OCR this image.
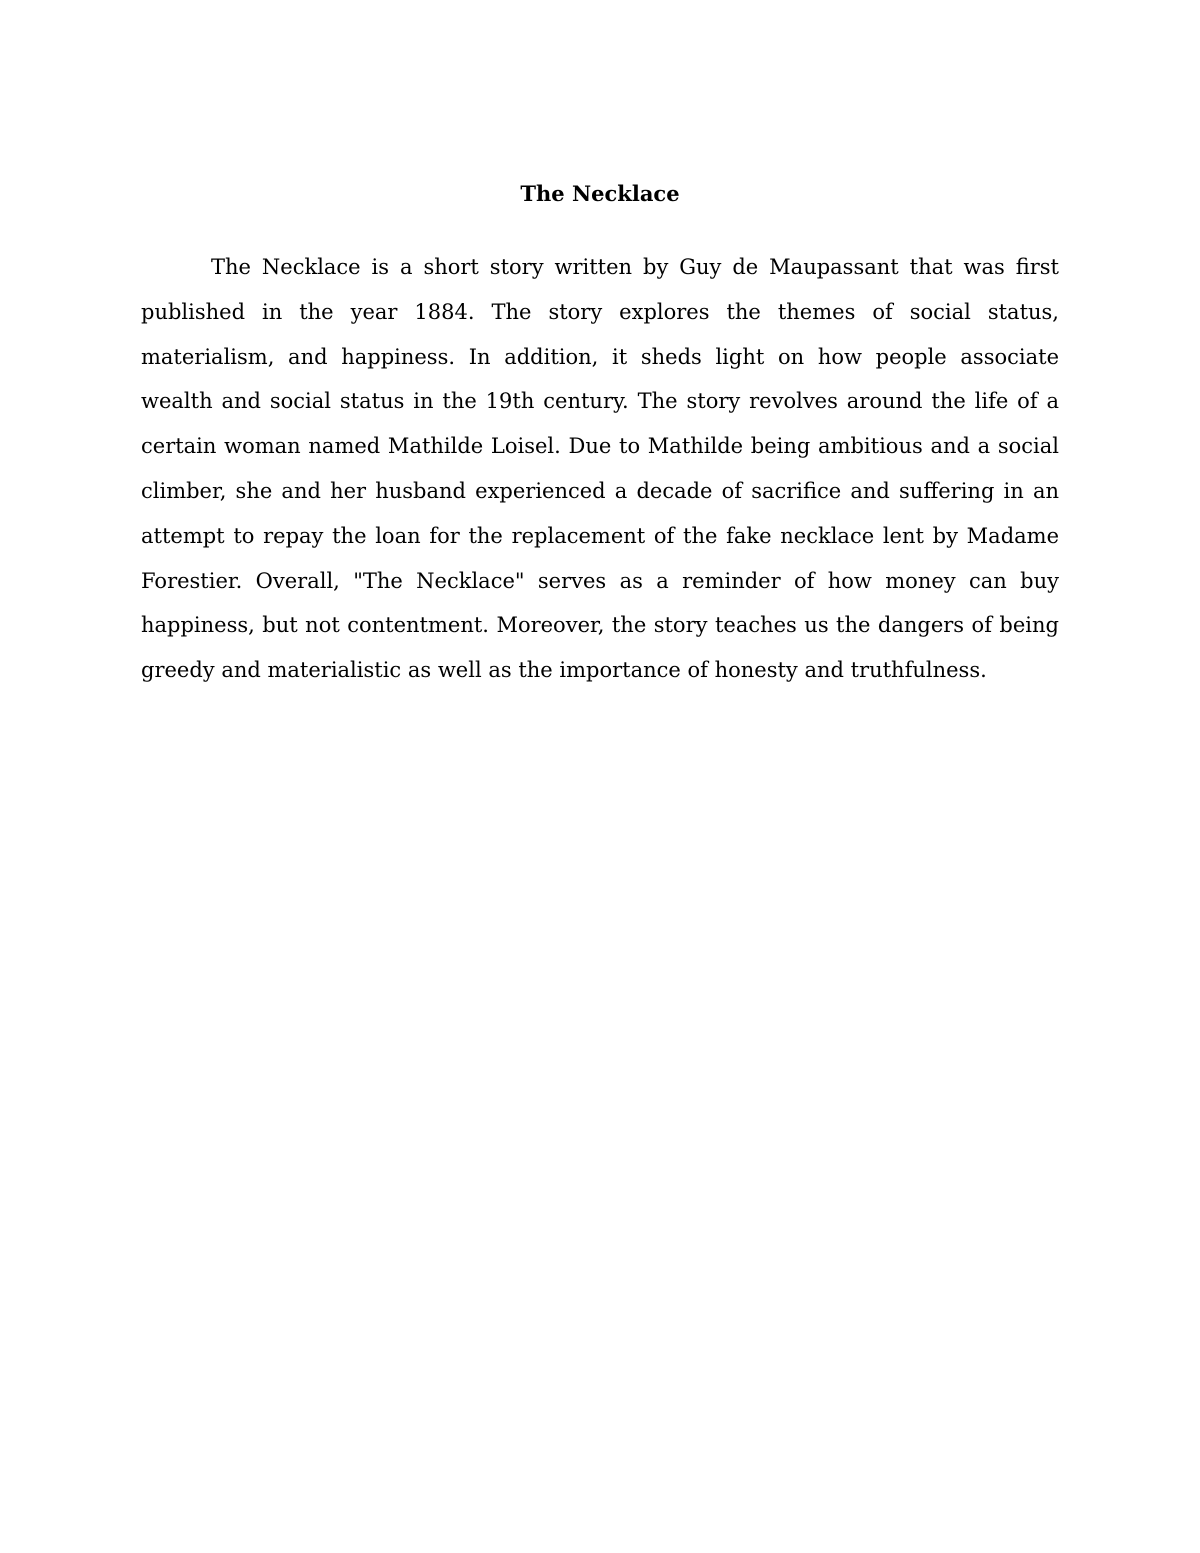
The Necklace

The Necklace is a short story written by Guy de Maupassant that was first published in the year 1884. The story explores the themes of social status, materialism, and happiness. In addition, it sheds light on how people associate wealth and social status in the 19th century. The story revolves around the life of a certain woman named Mathilde Loisel. Due to Mathilde being ambitious and a social climber, she and her husband experienced a decade of sacrifice and suffering in an attempt to repay the loan for the replacement of the fake necklace lent by Madame Forestier. Overall, "The Necklace" serves as a reminder of how money can buy happiness, but not contentment. Moreover, the story teaches us the dangers of being greedy and materialistic as well as the importance of honesty and truthfulness.
